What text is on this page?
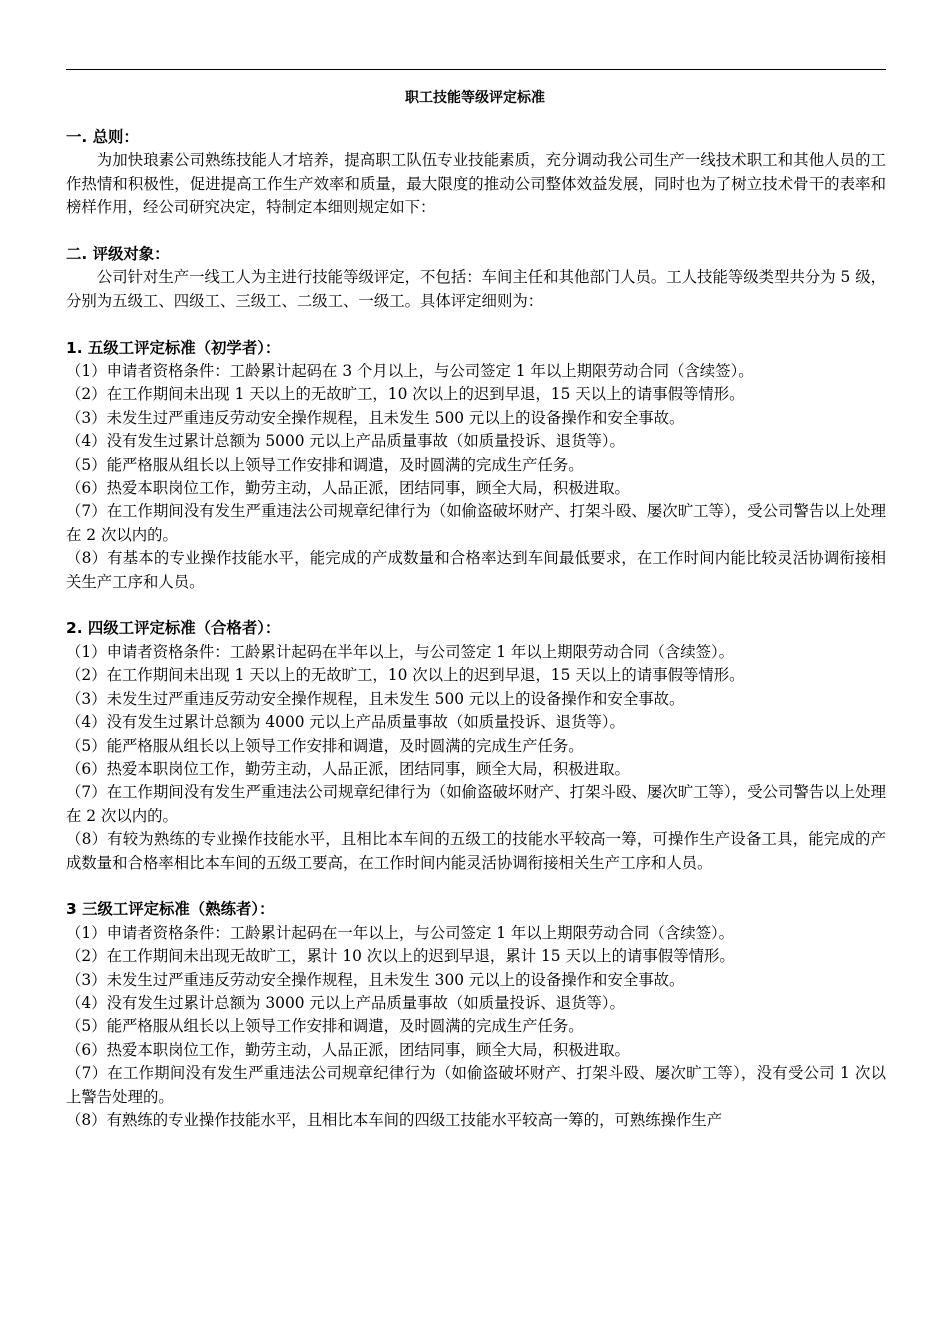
职工技能等级评定标准

一. 总则：

为加快琅素公司熟练技能人才培养，提高职工队伍专业技能素质，充分调动我公司生产一线技术职工和其他人员的工作热情和积极性，促进提高工作生产效率和质量，最大限度的推动公司整体效益发展，同时也为了树立技术骨干的表率和榜样作用，经公司研究决定，特制定本细则规定如下：

二. 评级对象：

公司针对生产一线工人为主进行技能等级评定，不包括：车间主任和其他部门人员。工人技能等级类型共分为 5 级，分别为五级工、四级工、三级工、二级工、一级工。具体评定细则为：

1. 五级工评定标准（初学者）：

（1）申请者资格条件：工龄累计起码在 3 个月以上，与公司签定 1 年以上期限劳动合同（含续签）。

（2）在工作期间未出现 1 天以上的无故旷工，10 次以上的迟到早退，15 天以上的请事假等情形。

（3）未发生过严重违反劳动安全操作规程，且未发生 500 元以上的设备操作和安全事故。

（4）没有发生过累计总额为 5000 元以上产品质量事故（如质量投诉、退货等）。

（5）能严格服从组长以上领导工作安排和调遣，及时圆满的完成生产任务。

（6）热爱本职岗位工作，勤劳主动，人品正派，团结同事，顾全大局，积极进取。

（7）在工作期间没有发生严重违法公司规章纪律行为（如偷盗破坏财产、打架斗殴、屡次旷工等），受公司警告以上处理在 2 次以内的。

（8）有基本的专业操作技能水平，能完成的产成数量和合格率达到车间最低要求，在工作时间内能比较灵活协调衔接相关生产工序和人员。

2. 四级工评定标准（合格者）：

（1）申请者资格条件：工龄累计起码在半年以上，与公司签定 1 年以上期限劳动合同（含续签）。

（2）在工作期间未出现 1 天以上的无故旷工，10 次以上的迟到早退，15 天以上的请事假等情形。

（3）未发生过严重违反劳动安全操作规程，且未发生 500 元以上的设备操作和安全事故。

（4）没有发生过累计总额为 4000 元以上产品质量事故（如质量投诉、退货等）。

（5）能严格服从组长以上领导工作安排和调遣，及时圆满的完成生产任务。

（6）热爱本职岗位工作，勤劳主动，人品正派，团结同事，顾全大局，积极进取。

（7）在工作期间没有发生严重违法公司规章纪律行为（如偷盗破坏财产、打架斗殴、屡次旷工等），受公司警告以上处理在 2 次以内的。

（8）有较为熟练的专业操作技能水平，且相比本车间的五级工的技能水平较高一筹，可操作生产设备工具，能完成的产成数量和合格率相比本车间的五级工要高，在工作时间内能灵活协调衔接相关生产工序和人员。

3 三级工评定标准（熟练者）：

（1）申请者资格条件：工龄累计起码在一年以上，与公司签定 1 年以上期限劳动合同（含续签）。

（2）在工作期间未出现无故旷工，累计 10 次以上的迟到早退，累计 15 天以上的请事假等情形。

（3）未发生过严重违反劳动安全操作规程，且未发生 300 元以上的设备操作和安全事故。

（4）没有发生过累计总额为 3000 元以上产品质量事故（如质量投诉、退货等）。

（5）能严格服从组长以上领导工作安排和调遣，及时圆满的完成生产任务。

（6）热爱本职岗位工作，勤劳主动，人品正派，团结同事，顾全大局，积极进取。

（7）在工作期间没有发生严重违法公司规章纪律行为（如偷盗破坏财产、打架斗殴、屡次旷工等），没有受公司 1 次以上警告处理的。

（8）有熟练的专业操作技能水平，且相比本车间的四级工技能水平较高一筹的，可熟练操作生产
